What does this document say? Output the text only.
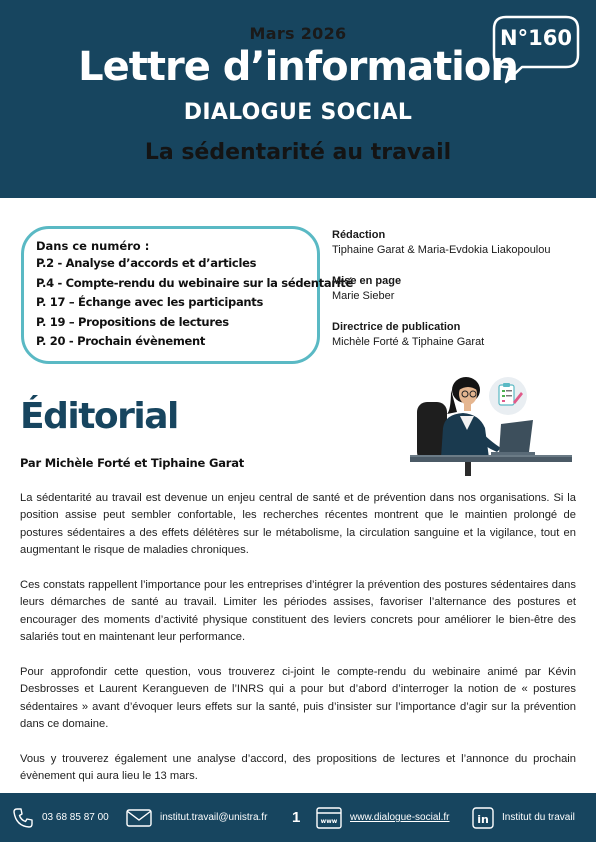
Mars 2026
Lettre d’information
DIALOGUE SOCIAL
La sédentarité au travail
N°160
Dans ce numéro :
P.2 - Analyse d’accords et d’articles
P.4 - Compte-rendu du webinaire sur la sédentarité
P. 17 – Échange avec les participants
P. 19 – Propositions de lectures
P. 20 - Prochain évènement
Rédaction
Tiphaine Garat & Maria-Evdokia Liakopoulou
Mise en page
Marie Sieber
Directrice de publication
Michèle Forté & Tiphaine Garat
Éditorial
Par Michèle Forté et Tiphaine Garat

La sédentarité au travail est devenue un enjeu central de santé et de prévention dans nos organisations. Si la position assise peut sembler confortable, les recherches récentes montrent que le maintien prolongé de postures sédentaires a des effets délétères sur le métabolisme, la circulation sanguine et la vigilance, tout en augmentant le risque de maladies chroniques.

Ces constats rappellent l’importance pour les entreprises d’intégrer la prévention des postures sédentaires dans leurs démarches de santé au travail. Limiter les périodes assises, favoriser l’alternance des postures et encourager des moments d’activité physique constituent des leviers concrets pour améliorer le bien-être des salariés tout en maintenant leur performance.

Pour approfondir cette question, vous trouverez ci-joint le compte-rendu du webinaire animé par Kévin Desbrosses et Laurent Kerangueven de l’INRS qui a pour but d’abord d’interroger la notion de « postures sédentaires » avant d’évoquer leurs effets sur la santé, puis d’insister sur l’importance d’agir sur la prévention dans ce domaine.

Vous y trouverez également une analyse d’accord, des propositions de lectures et l’annonce du prochain évènement qui aura lieu le 13 mars.

03 68 85 87 00	institut.travail@unistra.fr 1	www www.dialogue-social.fr	in Institut du travail
